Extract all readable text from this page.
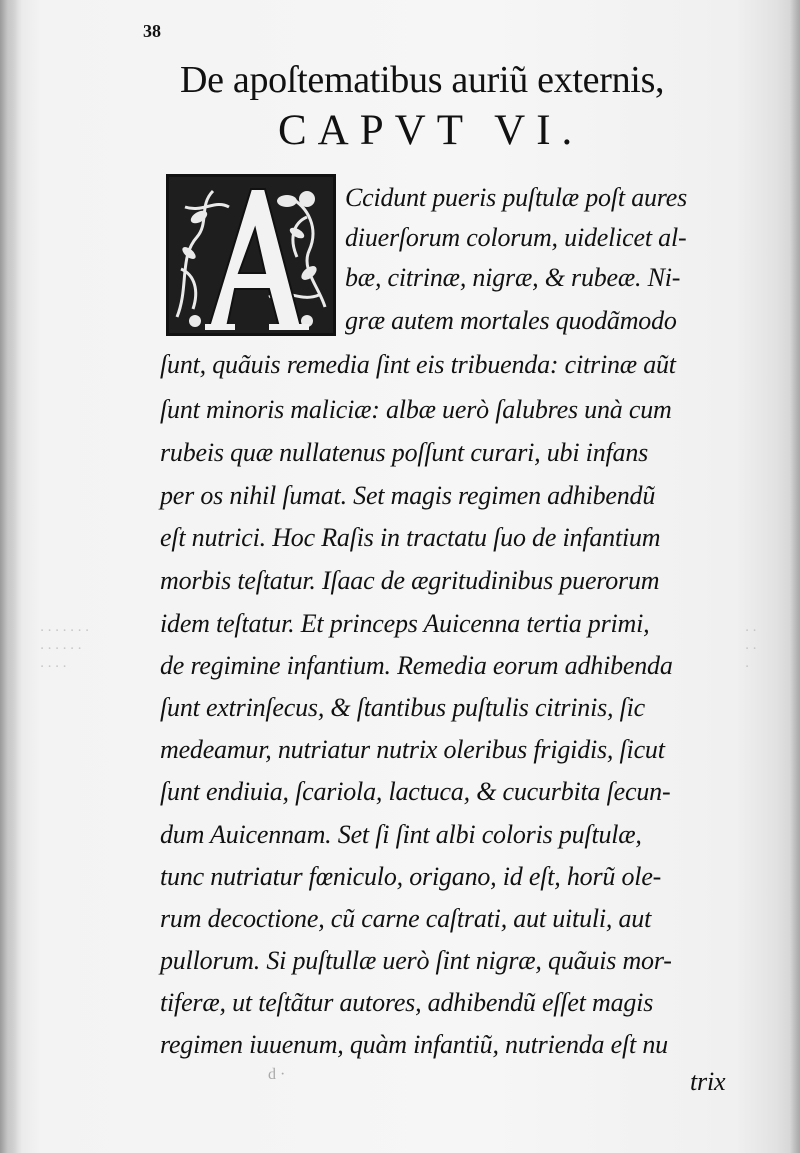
· · · · · · ·
· · · · · ·
· · · ·
· ·
· ·
·
38
De apoſtematibus auriũ externis,
CAPVT VI.
Ccidunt pueris puſtulæ poſt aures
diuerſorum colorum, uidelicet al-
bæ, citrinæ, nigræ, & rubeæ. Ni-
græ autem mortales quodãmodo
ſunt, quãuis remedia ſint eis tribuenda: citrinæ aũt
ſunt minoris maliciæ: albæ uerò ſalubres unà cum
rubeis quæ nullatenus poſſunt curari, ubi infans
per os nihil ſumat. Set magis regimen adhibendũ
eſt nutrici. Hoc Raſis in tractatu ſuo de infantium
morbis teſtatur. Iſaac de ægritudinibus puerorum
idem teſtatur. Et princeps Auicenna tertia primi,
de regimine infantium. Remedia eorum adhibenda
ſunt extrinſecus, & ſtantibus puſtulis citrinis, ſic
medeamur, nutriatur nutrix oleribus frigidis, ſicut
ſunt endiuia, ſcariola, lactuca, & cucurbita ſecun-
dum Auicennam. Set ſi ſint albi coloris puſtulæ,
tunc nutriatur fœniculo, origano, id eſt, horũ ole-
rum decoctione, cũ carne caſtrati, aut uituli, aut
pullorum. Si puſtullæ uerò ſint nigræ, quãuis mor-
tiferæ, ut teſtãtur autores, adhibendũ eſſet magis
regimen iuuenum, quàm infantiũ, nutrienda eſt nu
trix
d ·
